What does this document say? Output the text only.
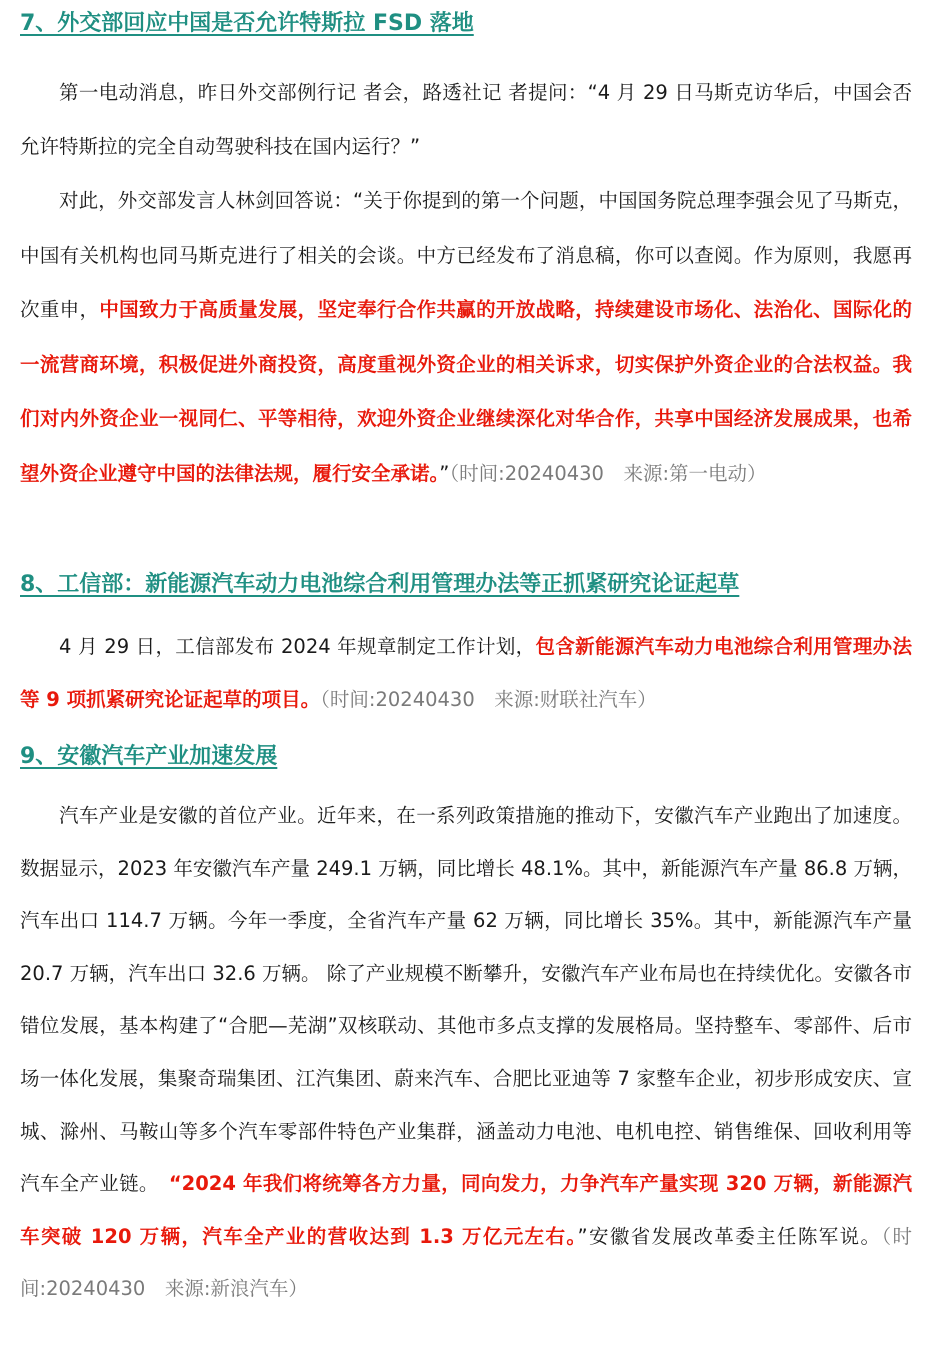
7、外交部回应中国是否允许特斯拉 FSD 落地

第一电动消息，昨日外交部例行记 者会，路透社记 者提问：“4 月 29 日马斯克访华后，中国会否允许特斯拉的完全自动驾驶科技在国内运行？”

对此，外交部发言人林剑回答说：“关于你提到的第一个问题，中国国务院总理李强会见了马斯克，中国有关机构也同马斯克进行了相关的会谈。中方已经发布了消息稿，你可以查阅。作为原则，我愿再次重申，中国致力于高质量发展，坚定奉行合作共赢的开放战略，持续建设市场化、法治化、国际化的一流营商环境，积极促进外商投资，高度重视外资企业的相关诉求，切实保护外资企业的合法权益。我们对内外资企业一视同仁、平等相待，欢迎外资企业继续深化对华合作，共享中国经济发展成果，也希望外资企业遵守中国的法律法规，履行安全承诺。”（时间:20240430　来源:第一电动）

8、工信部：新能源汽车动力电池综合利用管理办法等正抓紧研究论证起草

4 月 29 日，工信部发布 2024 年规章制定工作计划，包含新能源汽车动力电池综合利用管理办法等 9 项抓紧研究论证起草的项目。（时间:20240430　来源:财联社汽车）

9、安徽汽车产业加速发展

汽车产业是安徽的首位产业。近年来，在一系列政策措施的推动下，安徽汽车产业跑出了加速度。数据显示，2023 年安徽汽车产量 249.1 万辆，同比增长 48.1%。其中，新能源汽车产量 86.8 万辆，汽车出口 114.7 万辆。今年一季度，全省汽车产量 62 万辆，同比增长 35%。其中，新能源汽车产量 20.7 万辆，汽车出口 32.6 万辆。 除了产业规模不断攀升，安徽汽车产业布局也在持续优化。安徽各市错位发展，基本构建了“合肥—芜湖”双核联动、其他市多点支撑的发展格局。坚持整车、零部件、后市场一体化发展，集聚奇瑞集团、江汽集团、蔚来汽车、合肥比亚迪等 7 家整车企业，初步形成安庆、宣城、滁州、马鞍山等多个汽车零部件特色产业集群，涵盖动力电池、电机电控、销售维保、回收利用等汽车全产业链。　“2024 年我们将统筹各方力量，同向发力，力争汽车产量实现 320 万辆，新能源汽车突破 120 万辆，汽车全产业的营收达到 1.3 万亿元左右。”安徽省发展改革委主任陈军说。（时间:20240430　来源:新浪汽车）
